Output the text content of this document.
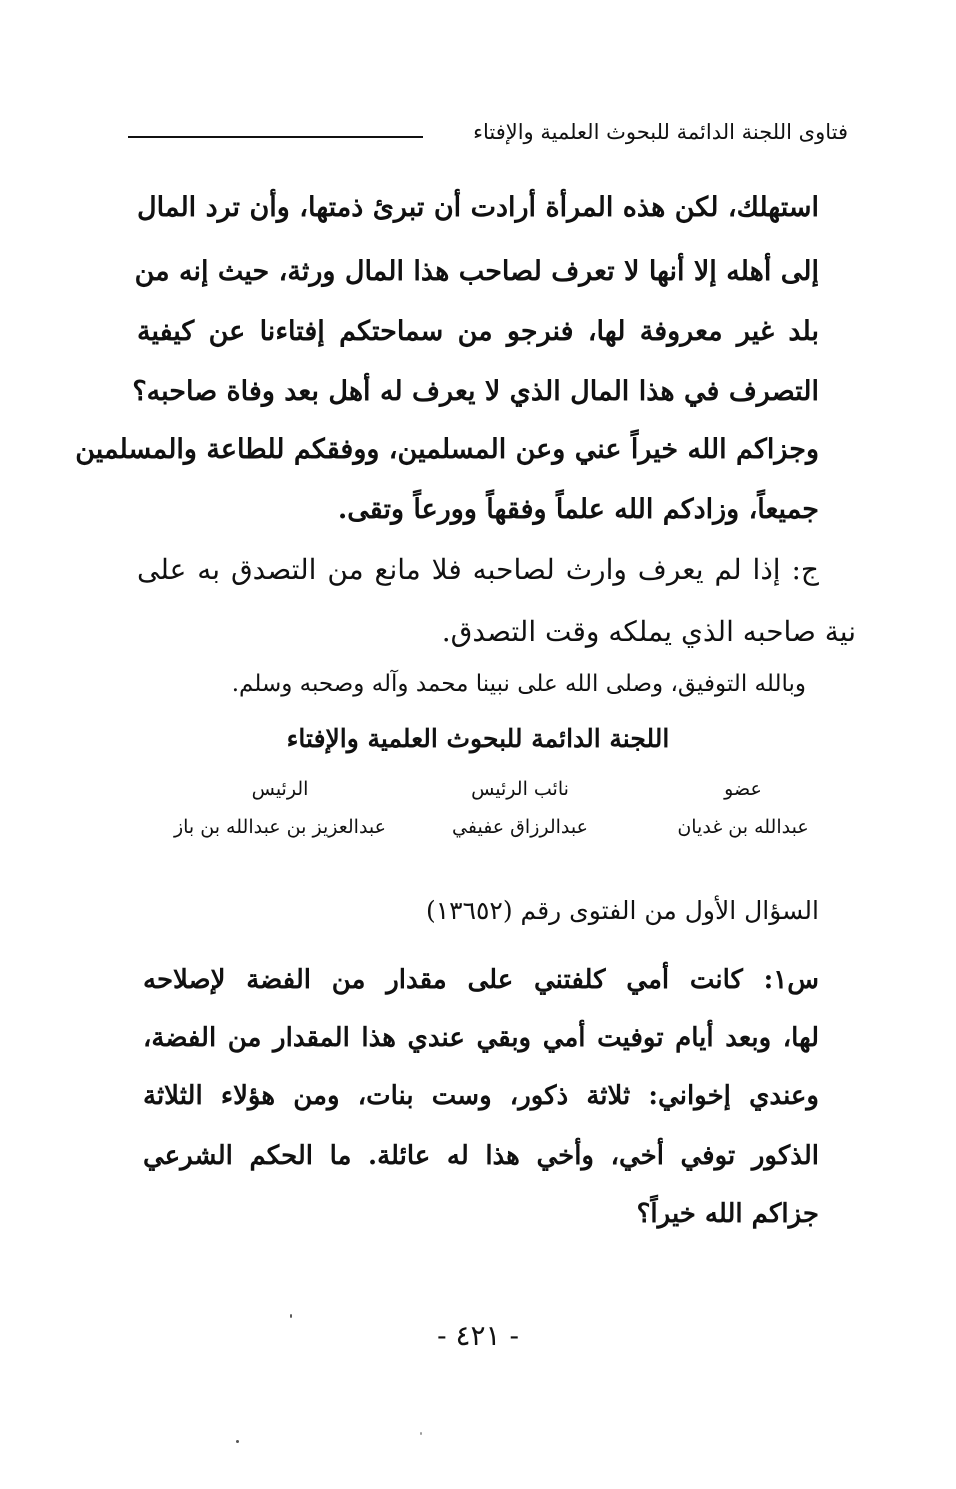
فتاوى اللجنة الدائمة للبحوث العلمية والإفتاء
استهلك، لكن هذه المرأة أرادت أن تبرئ ذمتها، وأن ترد المال
إلى أهله إلا أنها لا تعرف لصاحب هذا المال ورثة، حيث إنه من
بلد غير معروفة لها، فنرجو من سماحتكم إفتاءنا عن كيفية
التصرف في هذا المال الذي لا يعرف له أهل بعد وفاة صاحبه؟
وجزاكم الله خيراً عني وعن المسلمين، ووفقكم للطاعة والمسلمين
جميعاً، وزادكم الله علماً وفقهاً وورعاً وتقى.
ج: إذا لم يعرف وارث لصاحبه فلا مانع من التصدق به على
نية صاحبه الذي يملكه وقت التصدق.
وبالله التوفيق، وصلى الله على نبينا محمد وآله وصحبه وسلم.
اللجنة الدائمة للبحوث العلمية والإفتاء
عضو
عبدالله بن غديان
نائب الرئيس
عبدالرزاق عفيفي
الرئيس
عبدالعزيز بن عبدالله بن باز
السؤال الأول من الفتوى رقم (١٣٦٥٢)
س١: كانت أمي كلفتني على مقدار من الفضة لإصلاحه
لها، وبعد أيام توفيت أمي وبقي عندي هذا المقدار من الفضة،
وعندي إخواني: ثلاثة ذكور، وست بنات، ومن هؤلاء الثلاثة
الذكور توفي أخي، وأخي هذا له عائلة. ما الحكم الشرعي
جزاكم الله خيراً؟
- ٤٢١ -
